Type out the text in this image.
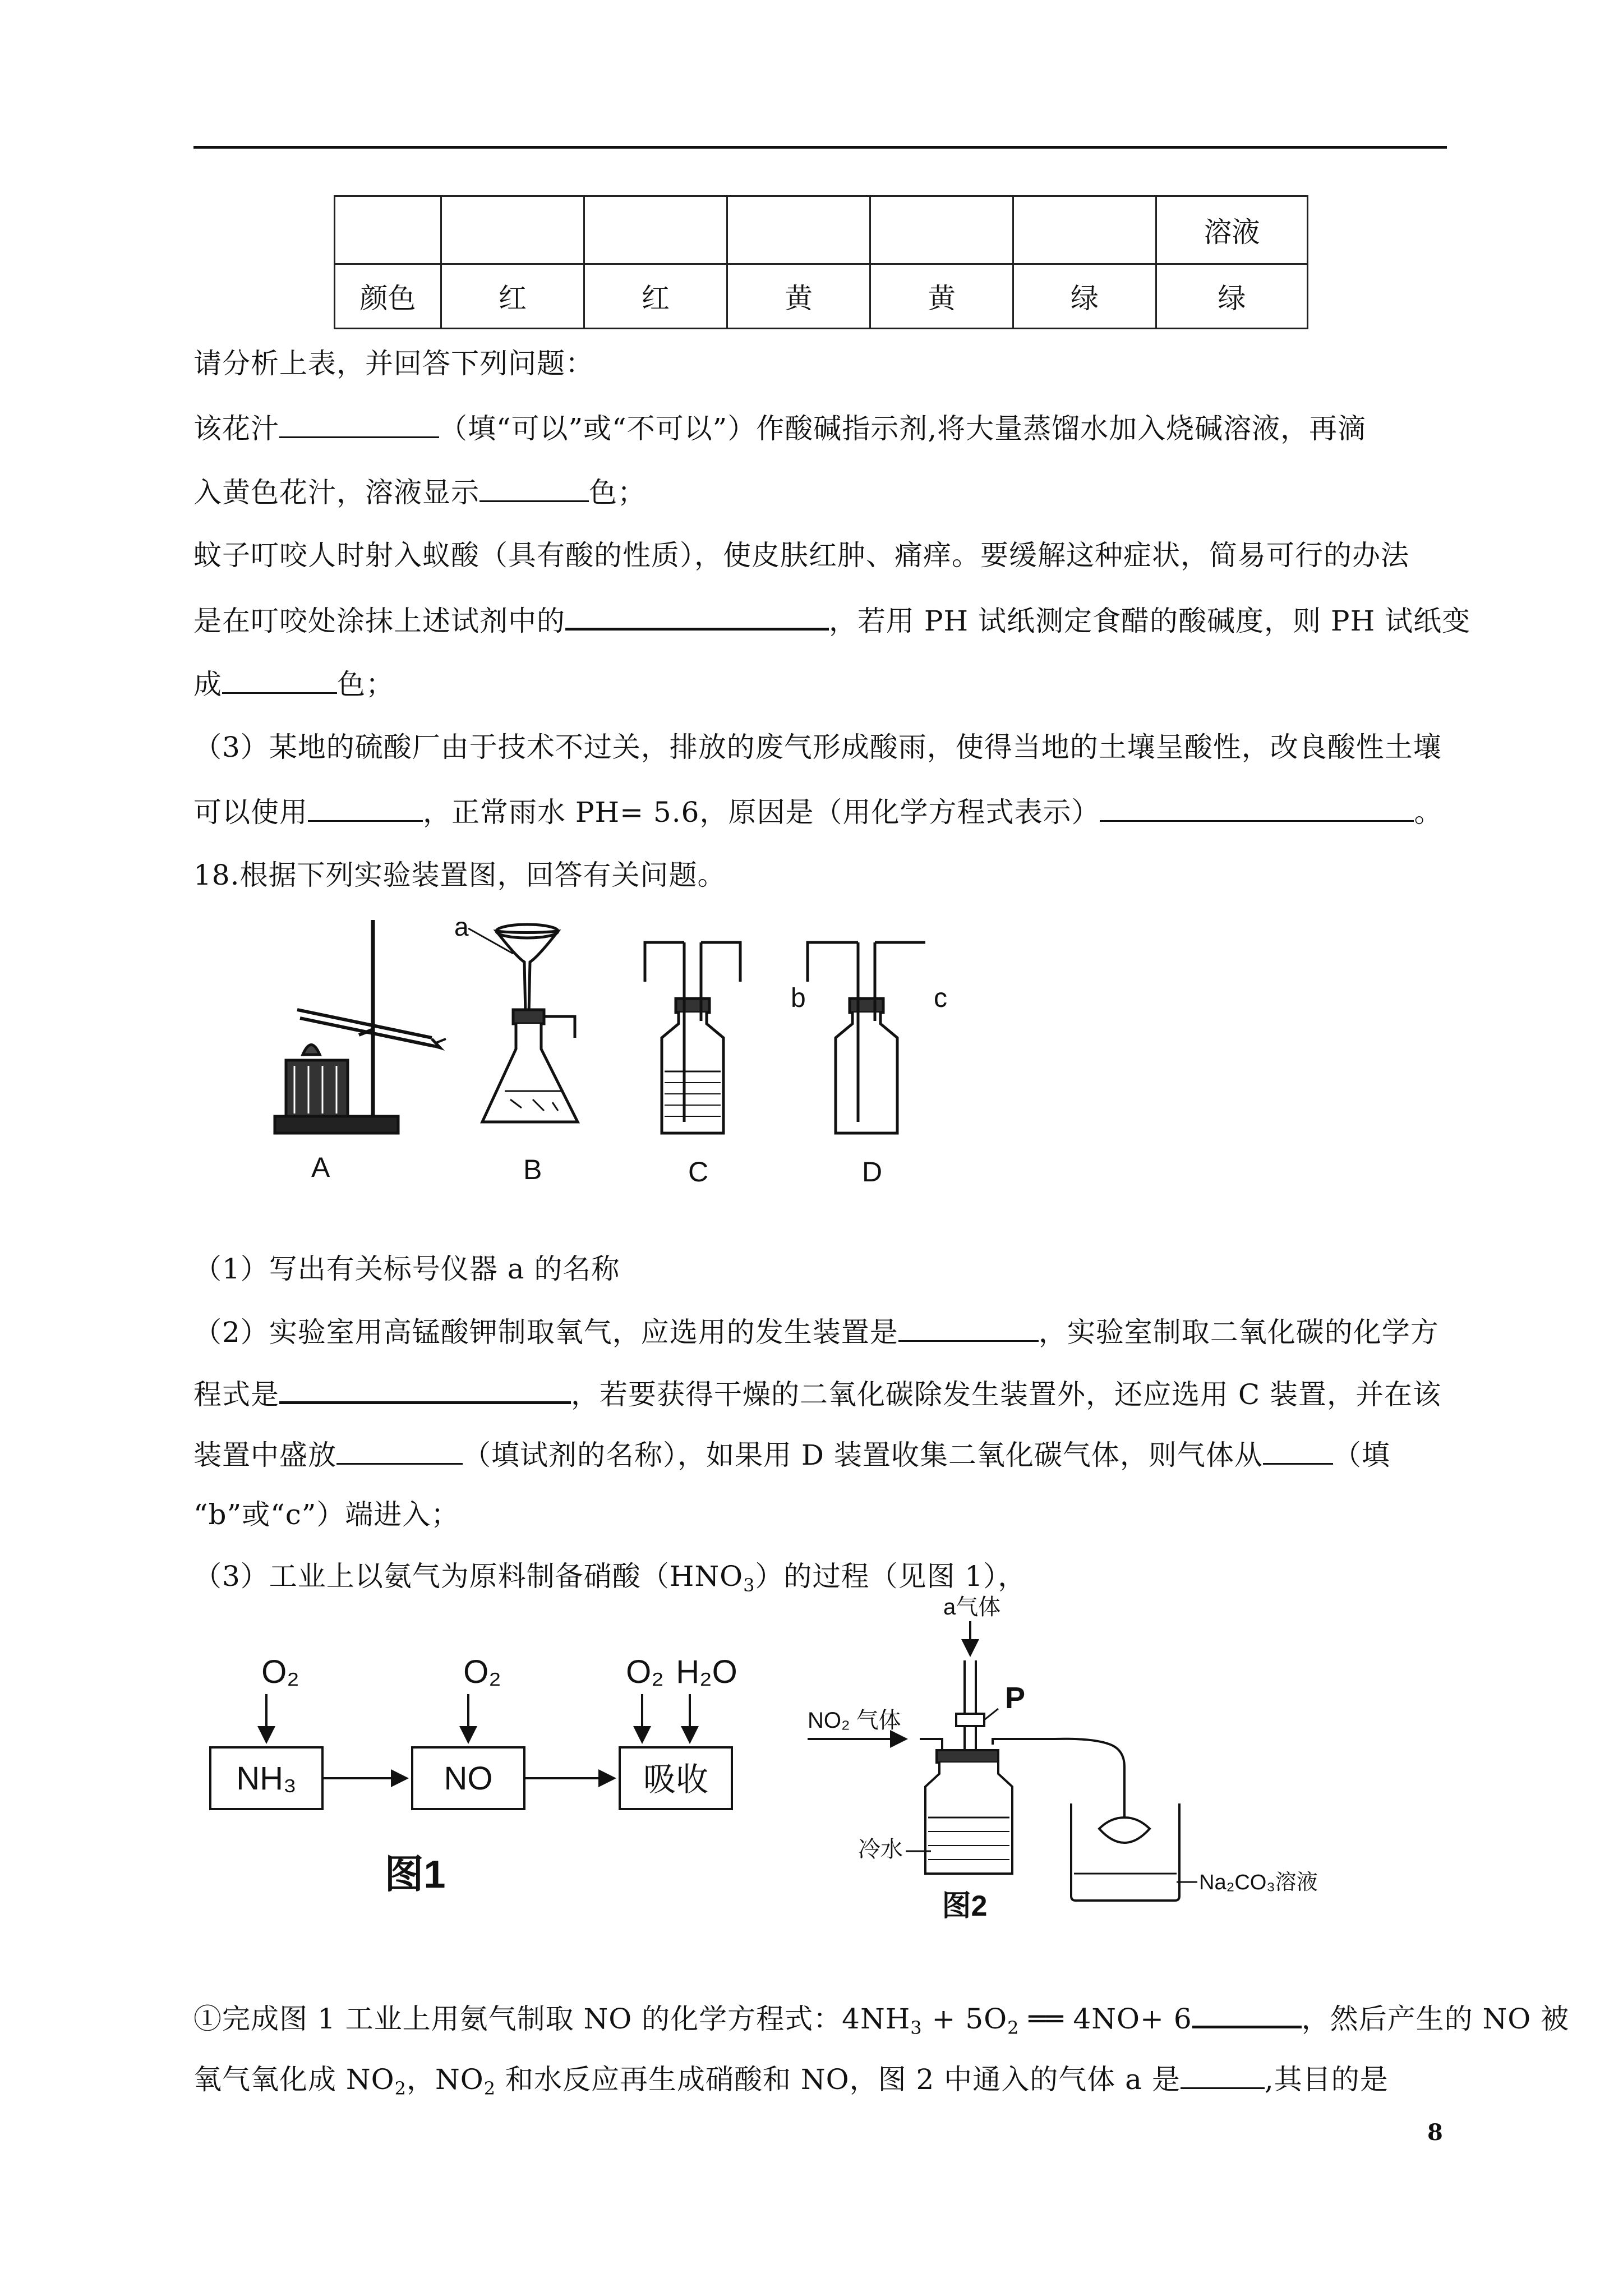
						溶液
颜色	红	红	黄	黄	绿	绿
请分析上表，并回答下列问题：
该花汁	（填“可以”或“不可以”）作酸碱指示剂,将大量蒸馏水加入烧碱溶液，再滴
入黄色花汁，溶液显示	色；
蚊子叮咬人时射入蚁酸（具有酸的性质），使皮肤红肿、痛痒。要缓解这种症状，简易可行的办法
是在叮咬处涂抹上述试剂中的	，若用 PH 试纸测定食醋的酸碱度，则 PH 试纸变
成	色；
（3）某地的硫酸厂由于技术不过关，排放的废气形成酸雨，使得当地的土壤呈酸性，改良酸性土壤
可以使用	，正常雨水 PH= 5.6，原因是（用化学方程式表示）	。
18.根据下列实验装置图，回答有关问题。
a
b	c
A	B	C	D
（1）写出有关标号仪器 a 的名称
（2）实验室用高锰酸钾制取氧气，应选用的发生装置是	，实验室制取二氧化碳的化学方
程式是	，若要获得干燥的二氧化碳除发生装置外，还应选用 C 装置，并在该
装置中盛放	（填试剂的名称），如果用 D 装置收集二氧化碳气体，则气体从	（填
“b”或“c”）端进入；
（3）工业上以氨气为原料制备硝酸$(HNO_3)$的过程（见图 1），
NH₃	NO	吸收
O₂	O₂	O₂ H₂O
图1
a气体
NO₂ 气体
P
冷水
Na₂CO₃溶液
图2
①完成图 1 工业上用氨气制取 NO 的化学方程式：$4NH_3 + 5O_2$ ══ 4NO+ 6	，然后产生的 NO 被
氧气氧化成 $NO_2$，$NO_2$ 和水反应再生成硝酸和 NO，图 2 中通入的气体 a 是	,其目的是
8
